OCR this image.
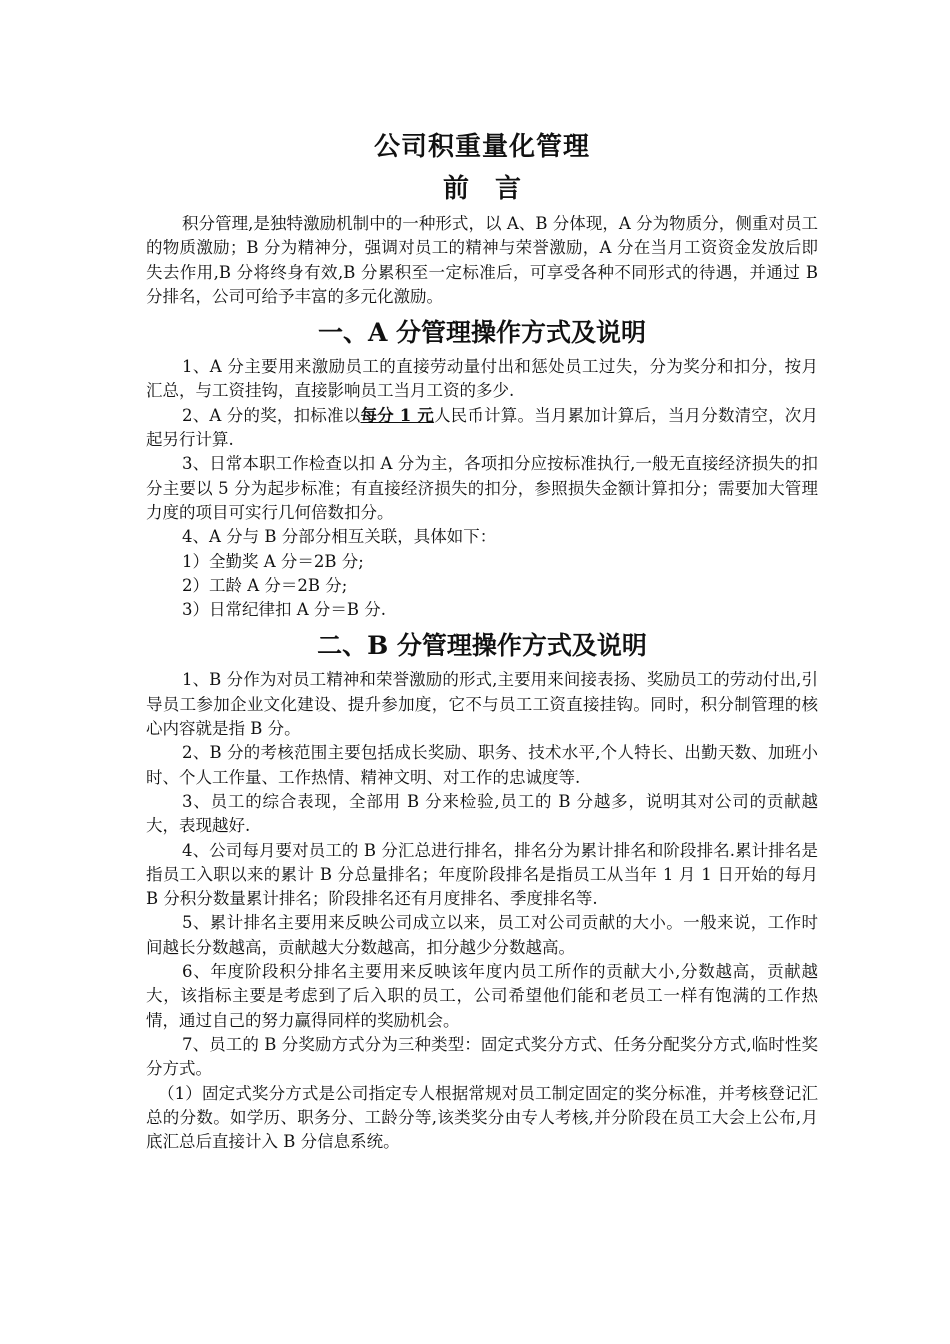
公司积重量化管理
前　言

积分管理,是独特激励机制中的一种形式，以 A、B 分体现，A 分为物质分，侧重对员工的物质激励；B 分为精神分，强调对员工的精神与荣誉激励，A 分在当月工资资金发放后即失去作用,B 分将终身有效,B 分累积至一定标准后，可享受各种不同形式的待遇，并通过 B 分排名，公司可给予丰富的多元化激励。

一、A 分管理操作方式及说明

1、A 分主要用来激励员工的直接劳动量付出和惩处员工过失，分为奖分和扣分，按月汇总，与工资挂钩，直接影响员工当月工资的多少.

2、A 分的奖，扣标准以每分 1 元人民币计算。当月累加计算后，当月分数清空，次月起另行计算.

3、日常本职工作检查以扣 A 分为主，各项扣分应按标准执行,一般无直接经济损失的扣分主要以 5 分为起步标准；有直接经济损失的扣分，参照损失金额计算扣分；需要加大管理力度的项目可实行几何倍数扣分。

4、A 分与 B 分部分相互关联，具体如下：

1）全勤奖 A 分＝2B 分;

2）工龄 A 分＝2B 分;

3）日常纪律扣 A 分＝B 分.

二、B 分管理操作方式及说明

1、B 分作为对员工精神和荣誉激励的形式,主要用来间接表扬、奖励员工的劳动付出,引导员工参加企业文化建设、提升参加度，它不与员工工资直接挂钩。同时，积分制管理的核心内容就是指 B 分。

2、B 分的考核范围主要包括成长奖励、职务、技术水平,个人特长、出勤天数、加班小时、个人工作量、工作热情、精神文明、对工作的忠诚度等.

3、员工的综合表现，全部用 B 分来检验,员工的 B 分越多，说明其对公司的贡献越大，表现越好.

4、公司每月要对员工的 B 分汇总进行排名，排名分为累计排名和阶段排名.累计排名是指员工入职以来的累计 B 分总量排名；年度阶段排名是指员工从当年 1 月 1 日开始的每月 B 分积分数量累计排名；阶段排名还有月度排名、季度排名等.

5、累计排名主要用来反映公司成立以来，员工对公司贡献的大小。一般来说，工作时间越长分数越高，贡献越大分数越高，扣分越少分数越高。

6、年度阶段积分排名主要用来反映该年度内员工所作的贡献大小,分数越高，贡献越大，该指标主要是考虑到了后入职的员工，公司希望他们能和老员工一样有饱满的工作热情，通过自己的努力赢得同样的奖励机会。

7、员工的 B 分奖励方式分为三种类型：固定式奖分方式、任务分配奖分方式,临时性奖分方式。

（1）固定式奖分方式是公司指定专人根据常规对员工制定固定的奖分标准，并考核登记汇总的分数。如学历、职务分、工龄分等,该类奖分由专人考核,并分阶段在员工大会上公布,月底汇总后直接计入 B 分信息系统。
